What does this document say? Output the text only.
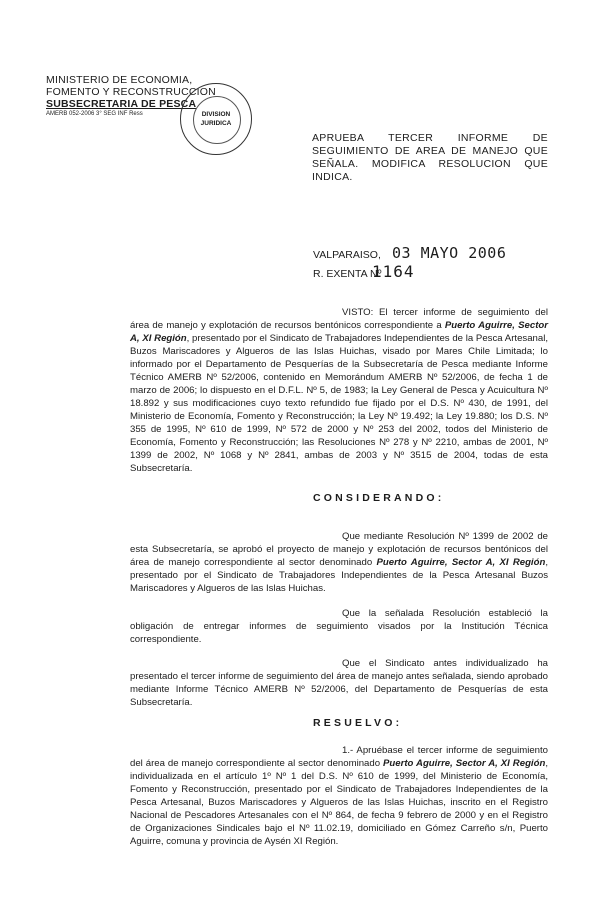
MINISTERIO DE ECONOMIA,
FOMENTO Y RECONSTRUCCION
SUBSECRETARIA DE PESCA
AMERB 052-2006 3° SEG INF Ress	DIVISION
JURIDICA
APRUEBA TERCER INFORME DE SEGUIMIENTO DE AREA DE MANEJO QUE SEÑALA. MODIFICA RESOLUCION QUE INDICA.
VALPARAISO, 03 MAYO 2006
R. EXENTA Nº
1164
VISTO: El tercer informe de seguimiento del área de manejo y explotación de recursos bentónicos correspondiente a Puerto Aguirre, Sector A, XI Región, presentado por el Sindicato de Trabajadores Independientes de la Pesca Artesanal, Buzos Mariscadores y Algueros de las Islas Huichas, visado por Mares Chile Limitada; lo informado por el Departamento de Pesquerías de la Subsecretaría de Pesca mediante Informe Técnico AMERB Nº 52/2006, contenido en Memorándum AMERB Nº 52/2006, de fecha 1 de marzo de 2006; lo dispuesto en el D.F.L. Nº 5, de 1983; la Ley General de Pesca y Acuicultura Nº 18.892 y sus modificaciones cuyo texto refundido fue fijado por el D.S. Nº 430, de 1991, del Ministerio de Economía, Fomento y Reconstrucción; la Ley Nº 19.492; la Ley 19.880; los D.S. Nº 355 de 1995, Nº 610 de 1999, Nº 572 de 2000 y Nº 253 del 2002, todos del Ministerio de Economía, Fomento y Reconstrucción; las Resoluciones Nº 278 y Nº 2210, ambas de 2001, Nº 1399 de 2002, Nº 1068 y Nº 2841, ambas de 2003 y Nº 3515 de 2004, todas de esta Subsecretaría.
CONSIDERANDO:
Que mediante Resolución Nº 1399 de 2002 de esta Subsecretaría, se aprobó el proyecto de manejo y explotación de recursos bentónicos del área de manejo correspondiente al sector denominado Puerto Aguirre, Sector A, XI Región, presentado por el Sindicato de Trabajadores Independientes de la Pesca Artesanal Buzos Mariscadores y Algueros de las Islas Huichas.
Que la señalada Resolución estableció la obligación de entregar informes de seguimiento visados por la Institución Técnica correspondiente.
Que el Sindicato antes individualizado ha presentado el tercer informe de seguimiento del área de manejo antes señalada, siendo aprobado mediante Informe Técnico AMERB Nº 52/2006, del Departamento de Pesquerías de esta Subsecretaría.
RESUELVO:
1.- Apruébase el tercer informe de seguimiento del área de manejo correspondiente al sector denominado Puerto Aguirre, Sector A, XI Región, individualizada en el artículo 1º Nº 1 del D.S. Nº 610 de 1999, del Ministerio de Economía, Fomento y Reconstrucción, presentado por el Sindicato de Trabajadores Independientes de la Pesca Artesanal, Buzos Mariscadores y Algueros de las Islas Huichas, inscrito en el Registro Nacional de Pescadores Artesanales con el Nº 864, de fecha 9 febrero de 2000 y en el Registro de Organizaciones Sindicales bajo el Nº 11.02.19, domiciliado en Gómez Carreño s/n, Puerto Aguirre, comuna y provincia de Aysén XI Región.
